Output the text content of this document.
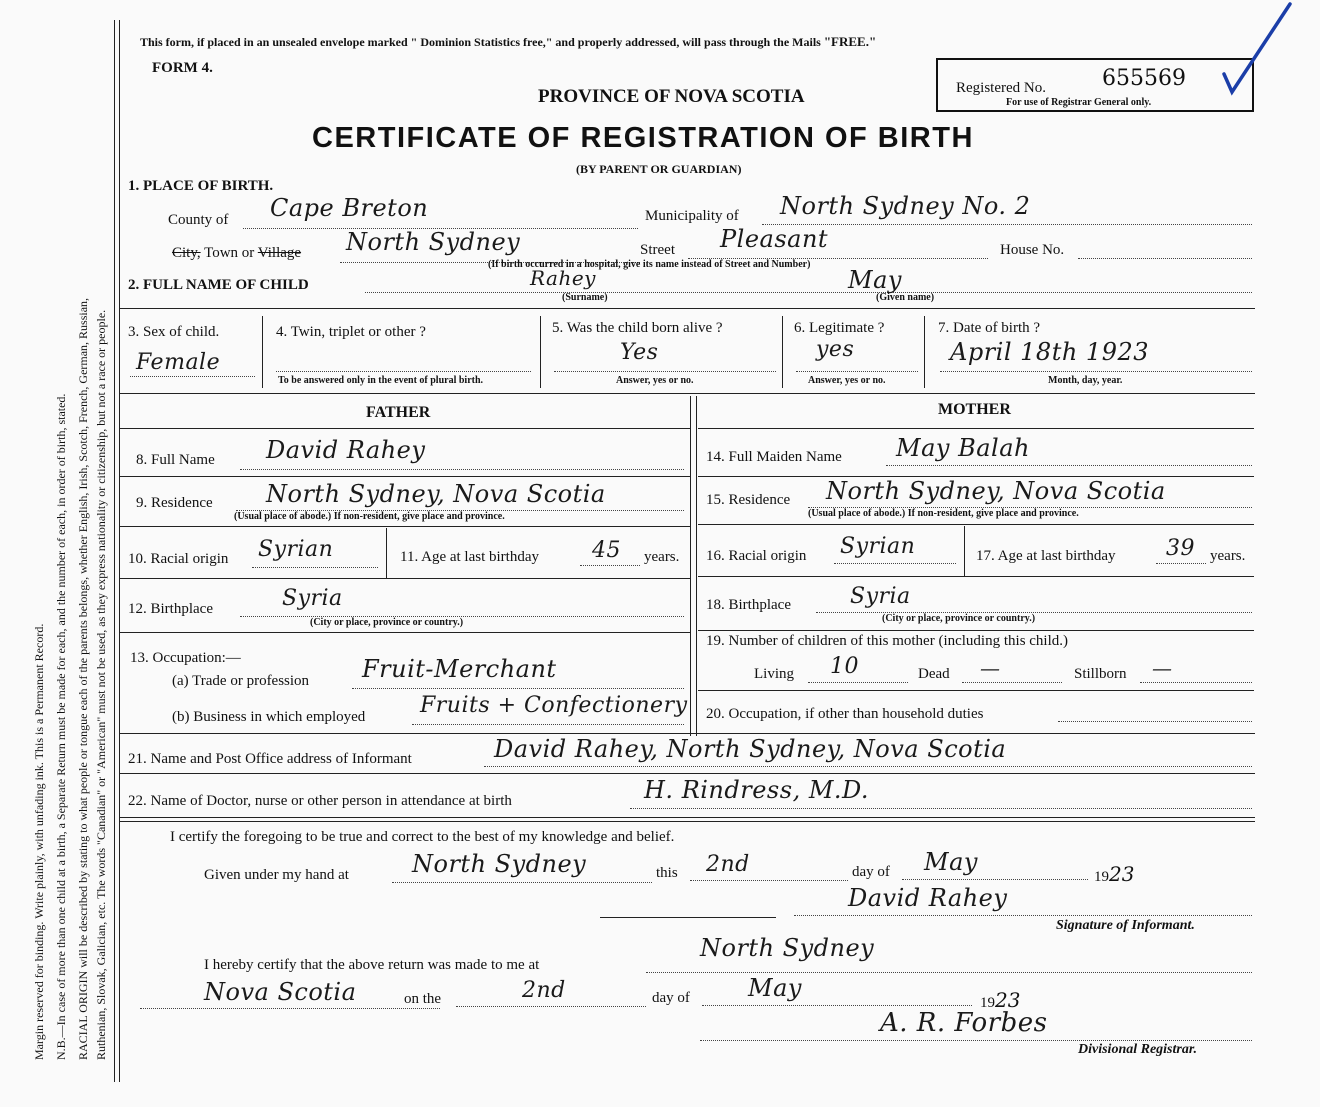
Margin reserved for binding. Write plainly, with unfading ink. This is a Permanent Record. N.B.—In case of more than one child at a birth, a Separate Return must be made for each, and the number of each, in order of birth, stated. RACIAL ORIGIN will be described by stating to what people or tongue each of the parents belongs, whether English, Irish, Scotch, French, German, Russian, Ruthenian, Slovak, Galician, etc. The words "Canadian" or "American" must not be used, as they express nationality or citizenship, but not a race or people.
This form, if placed in an unsealed envelope marked " Dominion Statistics free," and properly addressed, will pass through the Mails "FREE."
FORM 4.
PROVINCE OF NOVA SCOTIA
CERTIFICATE OF REGISTRATION OF BIRTH
(BY PARENT OR GUARDIAN)
Registered No.	655569
For use of Registrar General only.
1. PLACE OF BIRTH.
County of Cape Breton	Municipality of North Sydney No. 2
City, Town or Village North Sydney	Street Pleasant	House No.
(If birth occurred in a hospital, give its name instead of Street and Number)
2. FULL NAME OF CHILD	Rahey
(Surname)
May
(Given name)
3. Sex of child.
Female
4. Twin, triplet or other ?
To be answered only in the event of plural birth.
5. Was the child born alive ?
Yes
Answer, yes or no.
6. Legitimate ?
yes
Answer, yes or no.
7. Date of birth ?
April 18th 1923
Month, day, year.
FATHER	MOTHER
8. Full Name David Rahey	14. Full Maiden Name May Balah
9. Residence North Sydney, Nova Scotia
(Usual place of abode.) If non-resident, give place and province.
15. Residence North Sydney, Nova Scotia
(Usual place of abode.) If non-resident, give place and province.
10. Racial origin Syrian	11. Age at last birthday 45 years. 16. Racial origin Syrian	17. Age at last birthday 39 years.
12. Birthplace	Syria
(City or place, province or country.)
18. Birthplace	Syria
(City or place, province or country.)
13. Occupation:—
(a) Trade or profession Fruit-Merchant
(b) Business in which employed Fruits + Confectionery
19. Number of children of this mother (including this child.)
Living 10	Dead —	Stillborn —
20. Occupation, if other than household duties
21. Name and Post Office address of Informant	David Rahey, North Sydney, Nova Scotia
22. Name of Doctor, nurse or other person in attendance at birth	H. Rindress, M.D.
I certify the foregoing to be true and correct to the best of my knowledge and belief.
Given under my hand at	North Sydney	this 2nd	day of May
1923
David Rahey
Signature of Informant.
I hereby certify that the above return was made to me at
North Sydney
Nova Scotia	on the	2nd	day of May
1923
A. R. Forbes
Divisional Registrar.
